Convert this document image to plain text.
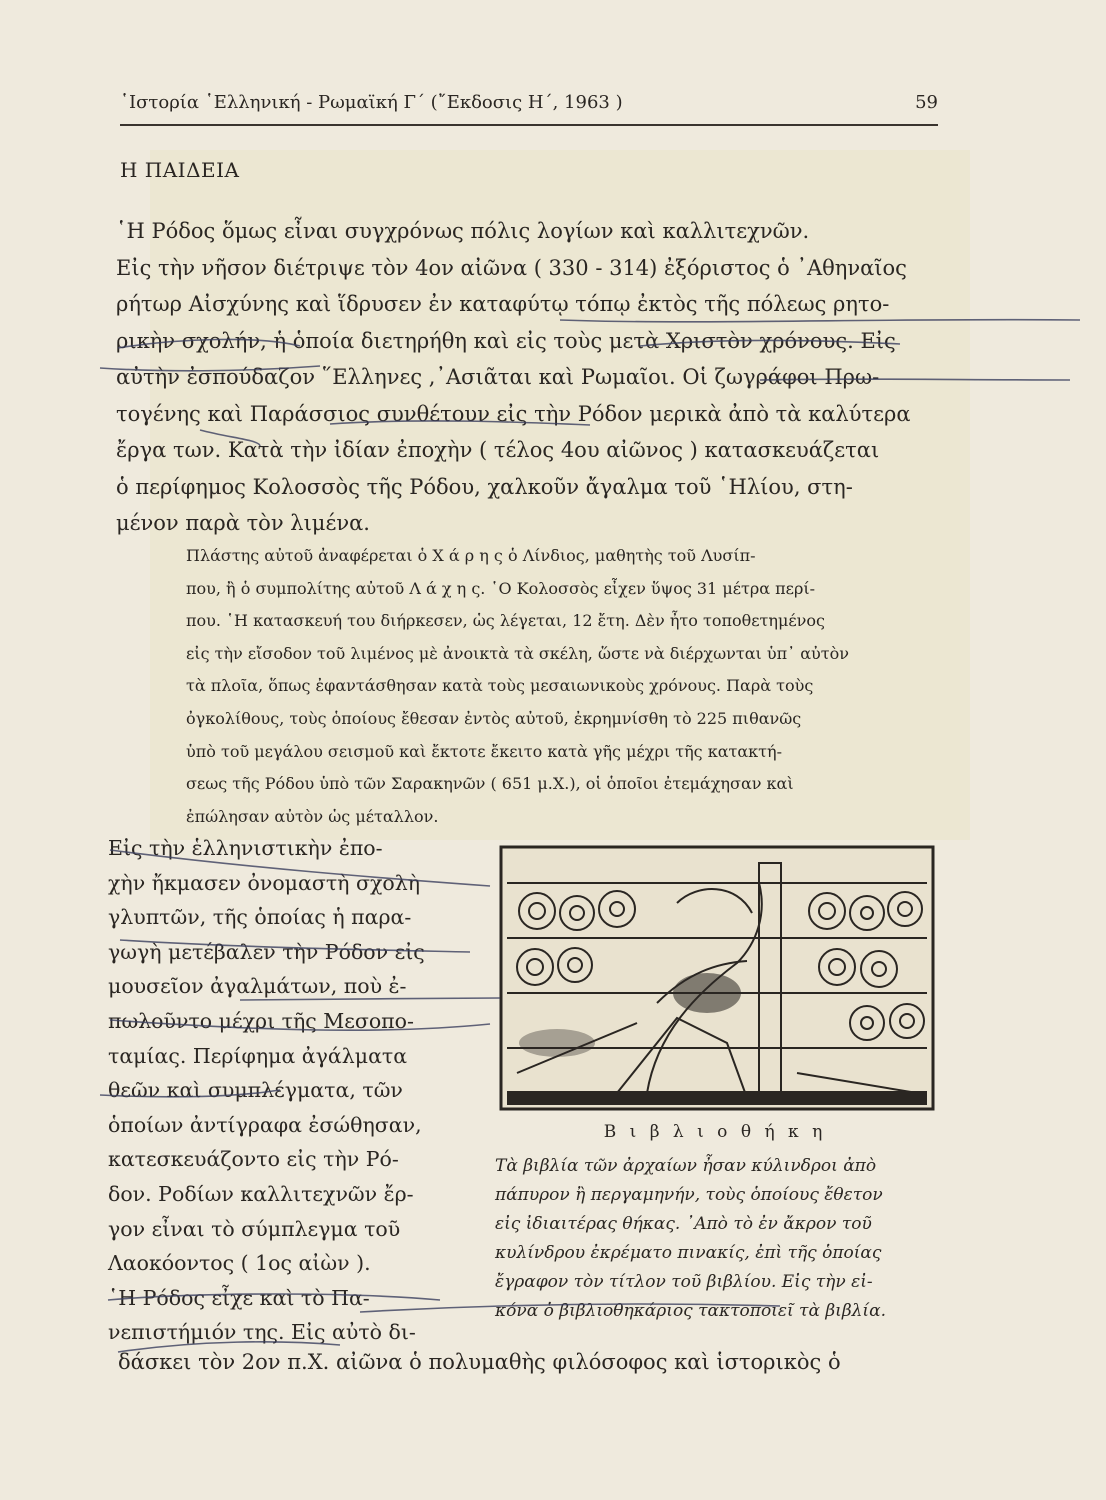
῾Ιστορία ῾Ελληνική - Ρωμαϊκή Γ΄ (῎Εκδοσις Η΄, 1963 )	59
Η ΠΑΙΔΕΙΑ
῾Η Ρόδος ὅμως εἶναι συγχρόνως πόλις λογίων καὶ καλλιτεχνῶν.
Εἰς τὴν νῆσον διέτριψε τὸν 4ον αἰῶνα ( 330 - 314) ἐξόριστος ὁ ᾿Αθηναῖος
ρήτωρ Αἰσχύνης καὶ ἵδρυσεν ἐν καταφύτῳ τόπῳ ἐκτὸς τῆς πόλεως ρητο-
ρικὴν σχολήν, ἡ ὁποία διετηρήθη καὶ εἰς τοὺς μετὰ Χριστὸν χρόνους. Εἰς
αὐτὴν ἐσπούδαζον ῞Ελληνες ,᾿Ασιᾶται καὶ Ρωμαῖοι. Οἱ ζωγράφοι Πρω-
τογένης καὶ Παράσσιος συνθέτουν εἰς τὴν Ρόδον μερικὰ ἀπὸ τὰ καλύτερα
ἔργα των. Κατὰ τὴν ἰδίαν ἐποχὴν ( τέλος 4ου αἰῶνος ) κατασκευάζεται
ὁ περίφημος Κολοσσὸς τῆς Ρόδου, χαλκοῦν ἄγαλμα τοῦ ῾Ηλίου, στη-
μένον παρὰ τὸν λιμένα.
Πλάστης αὐτοῦ ἀναφέρεται ὁ Χ ά ρ η ς ὁ Λίνδιος, μαθητὴς τοῦ Λυσίπ-
που, ἢ ὁ συμπολίτης αὐτοῦ Λ ά χ η ς. ῾Ο Κολοσσὸς εἶχεν ὕψος 31 μέτρα περί-
που. ῾Η κατασκευή του διήρκεσεν, ὡς λέγεται, 12 ἔτη. Δὲν ἦτο τοποθετημένος
εἰς τὴν εἴσοδον τοῦ λιμένος μὲ ἀνοικτὰ τὰ σκέλη, ὥστε νὰ διέρχωνται ὑπ᾿ αὐτὸν
τὰ πλοῖα, ὅπως ἐφαντάσθησαν κατὰ τοὺς μεσαιωνικοὺς χρόνους. Παρὰ τοὺς
ὀγκολίθους, τοὺς ὁποίους ἔθεσαν ἐντὸς αὐτοῦ, ἐκρημνίσθη τὸ 225 πιθανῶς
ὑπὸ τοῦ μεγάλου σεισμοῦ καὶ ἔκτοτε ἔκειτο κατὰ γῆς μέχρι τῆς κατακτή-
σεως τῆς Ρόδου ὑπὸ τῶν Σαρακηνῶν ( 651 μ.Χ.), οἱ ὁποῖοι ἐτεμάχησαν καὶ
ἐπώλησαν αὐτὸν ὡς μέταλλον.
Εἰς τὴν ἑλληνιστικὴν ἐπο-
χὴν ἤκμασεν ὀνομαστὴ σχολὴ
γλυπτῶν, τῆς ὁποίας ἡ παρα-
γωγὴ μετέβαλεν τὴν Ρόδον εἰς
μουσεῖον ἀγαλμάτων, ποὺ ἐ-
πωλοῦντο μέχρι τῆς Μεσοπο-
ταμίας. Περίφημα ἀγάλματα
θεῶν καὶ συμπλέγματα, τῶν
ὁποίων ἀντίγραφα ἐσώθησαν,
κατεσκευάζοντο εἰς τὴν Ρό-
δον. Ροδίων καλλιτεχνῶν ἔρ-
γον εἶναι τὸ σύμπλεγμα τοῦ
Λαοκόοντος ( 1ος αἰὼν ).
῾Η Ρόδος εἶχε καὶ τὸ Πα-
νεπιστήμιόν της. Εἰς αὐτὸ δι-
δάσκει τὸν 2ον π.Χ. αἰῶνα ὁ πολυμαθὴς φιλόσοφος καὶ ἱστορικὸς ὁ
Β ι β λ ι ο θ ή κ η
Τὰ βιβλία τῶν ἀρχαίων ἦσαν κύλινδροι ἀπὸ
πάπυρον ἢ περγαμηνήν, τοὺς ὁποίους ἔθετον
εἰς ἰδιαιτέρας θήκας. ᾿Απὸ τὸ ἐν ἄκρον τοῦ
κυλίνδρου ἐκρέματο πινακίς, ἐπὶ τῆς ὁποίας
ἔγραφον τὸν τίτλον τοῦ βιβλίου. Εἰς τὴν εἰ-
κόνα ὁ βιβλιοθηκάριος τακτοποιεῖ τὰ βιβλία.
